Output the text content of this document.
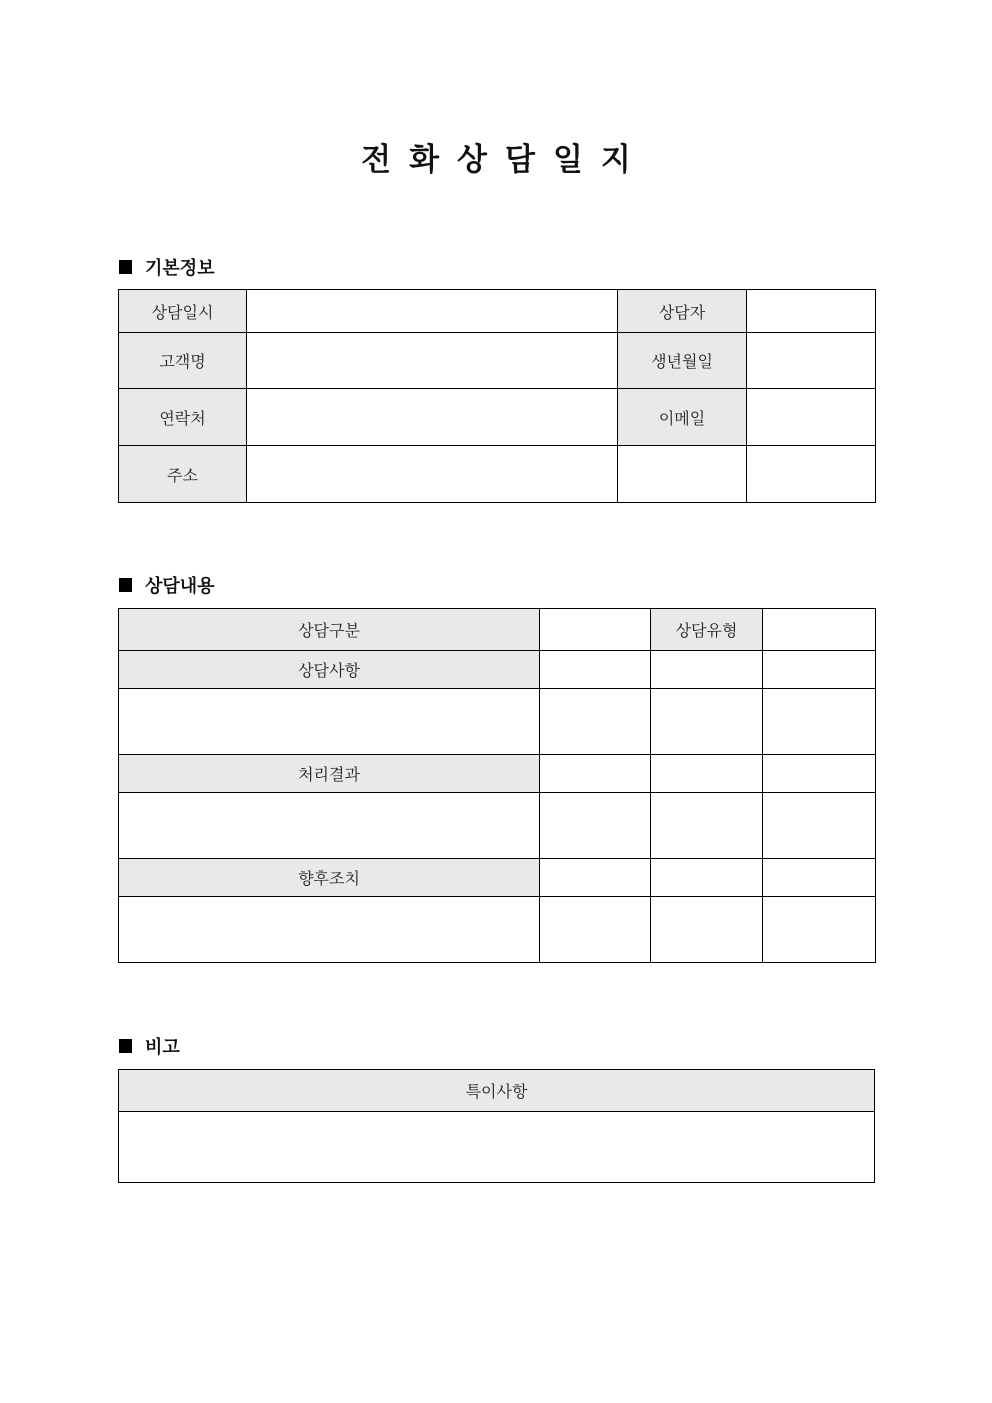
전 화 상 담 일 지
기본정보
상담일시		상담자	
고객명		생년월일	
연락처		이메일	
주소			
상담내용
상담구분		상담유형	
상담사항			

처리결과			

향후조치			

비고
특이사항
